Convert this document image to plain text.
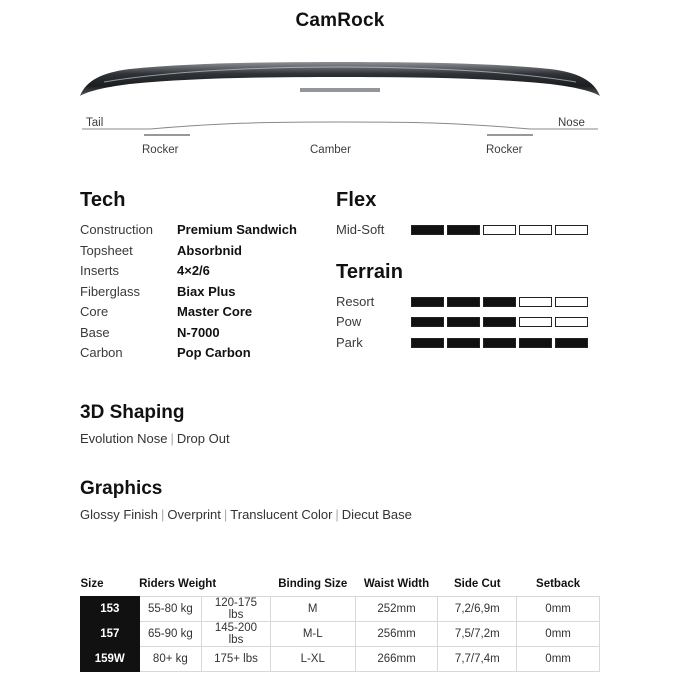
CamRock
Tail	Nose
Rocker	Camber	Rocker
Tech
Construction	Premium Sandwich
Topsheet	Absorbnid
Inserts	4×2/6
Fiberglass	Biax Plus
Core	Master Core
Base	N-7000
Carbon	Pop Carbon
Flex
Mid-Soft
Terrain
Resort
Pow
Park
3D Shaping
Evolution Nose | Drop Out
Graphics
Glossy Finish | Overprint | Translucent Color | Diecut Base
Size	Riders Weight		Binding Size	Waist Width	Side Cut	Setback
153	55-80 kg	120-175 lbs	M	252mm	7,2/6,9m	0mm
157	65-90 kg	145-200 lbs	M-L	256mm	7,5/7,2m	0mm
159W	80+ kg	175+ lbs	L-XL	266mm	7,7/7,4m	0mm
